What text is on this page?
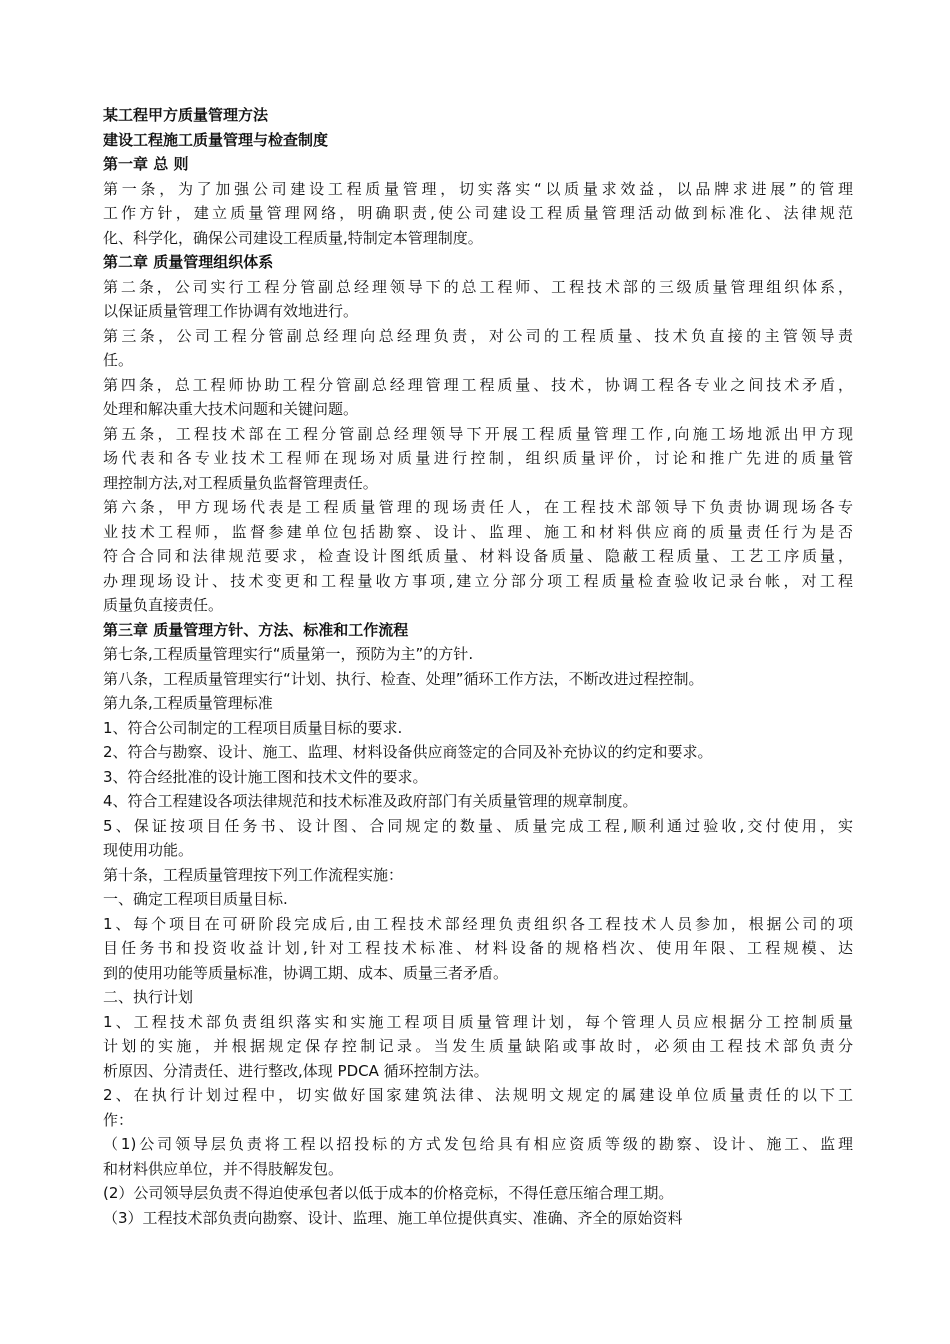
某工程甲方质量管理方法
建设工程施工质量管理与检查制度
第一章 总 则
第一条，为了加强公司建设工程质量管理，切实落实“以质量求效益，以品牌求进展”的管理
工作方针，建立质量管理网络，明确职责,使公司建设工程质量管理活动做到标准化、法律规范
化、科学化，确保公司建设工程质量,特制定本管理制度。
第二章 质量管理组织体系
第二条，公司实行工程分管副总经理领导下的总工程师、工程技术部的三级质量管理组织体系，
以保证质量管理工作协调有效地进行。
第三条，公司工程分管副总经理向总经理负责，对公司的工程质量、技术负直接的主管领导责
任。
第四条，总工程师协助工程分管副总经理管理工程质量、技术，协调工程各专业之间技术矛盾，
处理和解决重大技术问题和关键问题。
第五条，工程技术部在工程分管副总经理领导下开展工程质量管理工作,向施工场地派出甲方现
场代表和各专业技术工程师在现场对质量进行控制，组织质量评价，讨论和推广先进的质量管
理控制方法,对工程质量负监督管理责任。
第六条，甲方现场代表是工程质量管理的现场责任人，在工程技术部领导下负责协调现场各专
业技术工程师，监督参建单位包括勘察、设计、监理、施工和材料供应商的质量责任行为是否
符合合同和法律规范要求，检查设计图纸质量、材料设备质量、隐蔽工程质量、工艺工序质量，
办理现场设计、技术变更和工程量收方事项,建立分部分项工程质量检查验收记录台帐，对工程
质量负直接责任。
第三章 质量管理方针、方法、标准和工作流程
第七条,工程质量管理实行“质量第一，预防为主”的方针.
第八条，工程质量管理实行“计划、执行、检查、处理”循环工作方法，不断改进过程控制。
第九条,工程质量管理标准
1、符合公司制定的工程项目质量目标的要求.
2、符合与勘察、设计、施工、监理、材料设备供应商签定的合同及补充协议的约定和要求。
3、符合经批准的设计施工图和技术文件的要求。
4、符合工程建设各项法律规范和技术标准及政府部门有关质量管理的规章制度。
5、保证按项目任务书、设计图、合同规定的数量、质量完成工程,顺利通过验收,交付使用，实
现使用功能。
第十条，工程质量管理按下列工作流程实施：
一、确定工程项目质量目标.
1、每个项目在可研阶段完成后,由工程技术部经理负责组织各工程技术人员参加，根据公司的项
目任务书和投资收益计划,针对工程技术标准、材料设备的规格档次、使用年限、工程规模、达
到的使用功能等质量标准，协调工期、成本、质量三者矛盾。
二、执行计划
1、工程技术部负责组织落实和实施工程项目质量管理计划，每个管理人员应根据分工控制质量
计划的实施，并根据规定保存控制记录。当发生质量缺陷或事故时，必须由工程技术部负责分
析原因、分清责任、进行整改,体现 PDCA 循环控制方法。
2、在执行计划过程中，切实做好国家建筑法律、法规明文规定的属建设单位质量责任的以下工
作：
（1)公司领导层负责将工程以招投标的方式发包给具有相应资质等级的勘察、设计、施工、监理
和材料供应单位，并不得肢解发包。
(2）公司领导层负责不得迫使承包者以低于成本的价格竞标，不得任意压缩合理工期。
（3）工程技术部负责向勘察、设计、监理、施工单位提供真实、准确、齐全的原始资料
